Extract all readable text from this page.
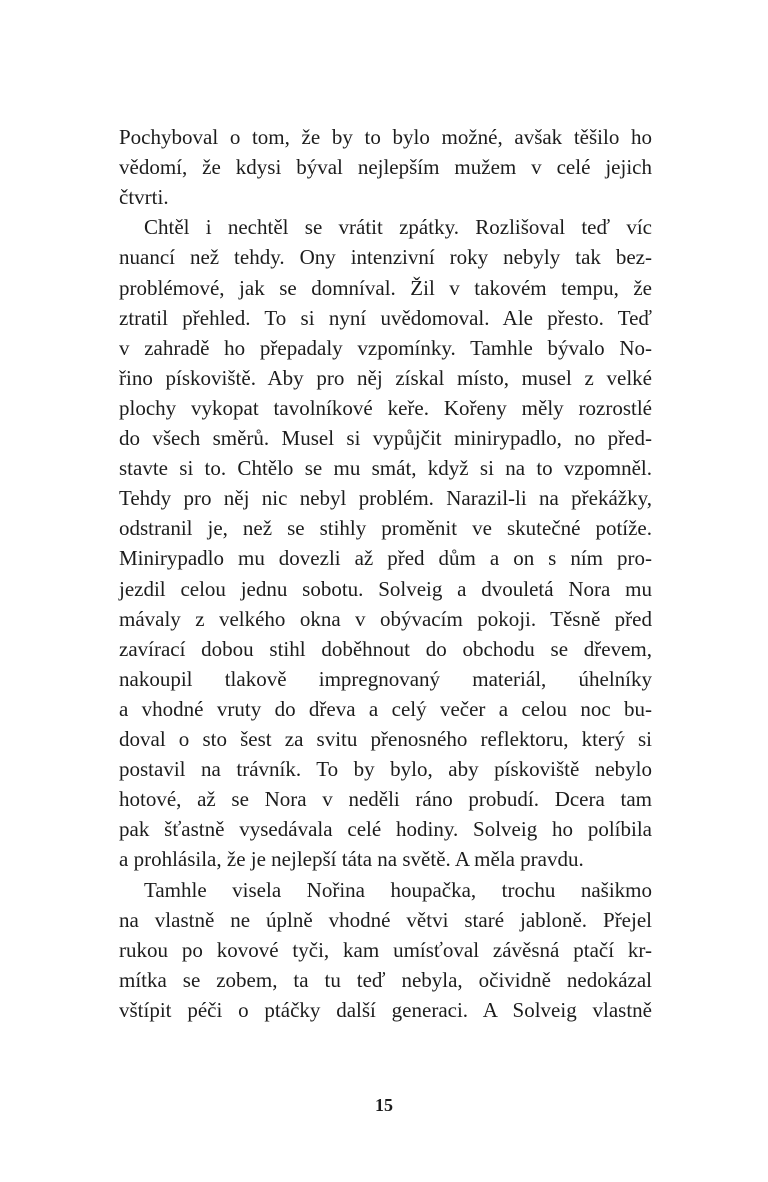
Pochyboval o tom, že by to bylo možné, avšak těšilo ho
vědomí, že kdysi býval nejlepším mužem v celé jejich
čtvrti.
Chtěl i nechtěl se vrátit zpátky. Rozlišoval teď víc
nuancí než tehdy. Ony intenzivní roky nebyly tak bez-
problémové, jak se domníval. Žil v takovém tempu, že
ztratil přehled. To si nyní uvědomoval. Ale přesto. Teď
v zahradě ho přepadaly vzpomínky. Tamhle bývalo No-
řino pískoviště. Aby pro něj získal místo, musel z velké
plochy vykopat tavolníkové keře. Kořeny měly rozrostlé
do všech směrů. Musel si vypůjčit minirypadlo, no před-
stavte si to. Chtělo se mu smát, když si na to vzpomněl.
Tehdy pro něj nic nebyl problém. Narazil-li na překážky,
odstranil je, než se stihly proměnit ve skutečné potíže.
Minirypadlo mu dovezli až před dům a on s ním pro-
jezdil celou jednu sobotu. Solveig a dvouletá Nora mu
mávaly z velkého okna v obývacím pokoji. Těsně před
zavírací dobou stihl doběhnout do obchodu se dřevem,
nakoupil tlakově impregnovaný materiál, úhelníky
a vhodné vruty do dřeva a celý večer a celou noc bu-
doval o sto šest za svitu přenosného reflektoru, který si
postavil na trávník. To by bylo, aby pískoviště nebylo
hotové, až se Nora v neděli ráno probudí. Dcera tam
pak šťastně vysedávala celé hodiny. Solveig ho políbila
a prohlásila, že je nejlepší táta na světě. A měla pravdu.
Tamhle visela Nořina houpačka, trochu našikmo
na vlastně ne úplně vhodné větvi staré jabloně. Přejel
rukou po kovové tyči, kam umísťoval závěsná ptačí kr-
mítka se zobem, ta tu teď nebyla, očividně nedokázal
vštípit péči o ptáčky další generaci. A Solveig vlastně
15
